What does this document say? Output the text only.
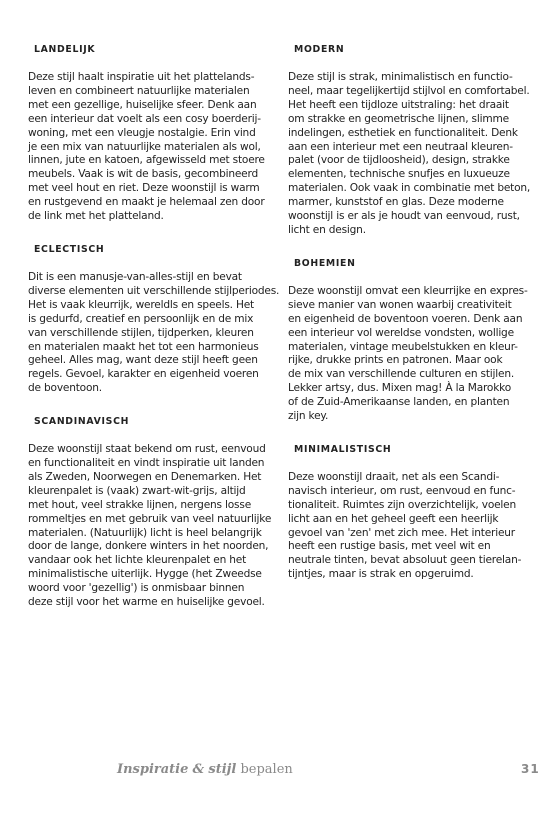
LANDELIJK

Deze stijl haalt inspiratie uit het plattelands-
leven en combineert natuurlijke materialen
met een gezellige, huiselijke sfeer. Denk aan
een interieur dat voelt als een cosy boerderij-
woning, met een vleugje nostalgie. Erin vind
je een mix van natuurlijke materialen als wol,
linnen, jute en katoen, afgewisseld met stoere
meubels. Vaak is wit de basis, gecombineerd
met veel hout en riet. Deze woonstijl is warm
en rustgevend en maakt je helemaal zen door
de link met het platteland.

ECLECTISCH

Dit is een manusje-van-alles-stijl en bevat
diverse elementen uit verschillende stijlperiodes.
Het is vaak kleurrijk, wereldls en speels. Het
is gedurfd, creatief en persoonlijk en de mix
van verschillende stijlen, tijdperken, kleuren
en materialen maakt het tot een harmonieus
geheel. Alles mag, want deze stijl heeft geen
regels. Gevoel, karakter en eigenheid voeren
de boventoon.

SCANDINAVISCH

Deze woonstijl staat bekend om rust, eenvoud
en functionaliteit en vindt inspiratie uit landen
als Zweden, Noorwegen en Denemarken. Het
kleurenpalet is (vaak) zwart-wit-grijs, altijd
met hout, veel strakke lijnen, nergens losse
rommeltjes en met gebruik van veel natuurlijke
materialen. (Natuurlijk) licht is heel belangrijk
door de lange, donkere winters in het noorden,
vandaar ook het lichte kleurenpalet en het
minimalistische uiterlijk. Hygge (het Zweedse
woord voor 'gezellig') is onmisbaar binnen
deze stijl voor het warme en huiselijke gevoel.

MODERN

Deze stijl is strak, minimalistisch en functio-
neel, maar tegelijkertijd stijlvol en comfortabel.
Het heeft een tijdloze uitstraling: het draait
om strakke en geometrische lijnen, slimme
indelingen, esthetiek en functionaliteit. Denk
aan een interieur met een neutraal kleuren-
palet (voor de tijdloosheid), design, strakke
elementen, technische snufjes en luxueuze
materialen. Ook vaak in combinatie met beton,
marmer, kunststof en glas. Deze moderne
woonstijl is er als je houdt van eenvoud, rust,
licht en design.

BOHEMIEN

Deze woonstijl omvat een kleurrijke en expres-
sieve manier van wonen waarbij creativiteit
en eigenheid de boventoon voeren. Denk aan
een interieur vol wereldse vondsten, wollige
materialen, vintage meubelstukken en kleur-
rijke, drukke prints en patronen. Maar ook
de mix van verschillende culturen en stijlen.
Lekker artsy, dus. Mixen mag! À la Marokko
of de Zuid-Amerikaanse landen, en planten
zijn key.

MINIMALISTISCH

Deze woonstijl draait, net als een Scandi-
navisch interieur, om rust, eenvoud en func-
tionaliteit. Ruimtes zijn overzichtelijk, voelen
licht aan en het geheel geeft een heerlijk
gevoel van 'zen' met zich mee. Het interieur
heeft een rustige basis, met veel wit en
neutrale tinten, bevat absoluut geen tierelan-
tijntjes, maar is strak en opgeruimd.

Inspiratie & stijl bepalen	31
